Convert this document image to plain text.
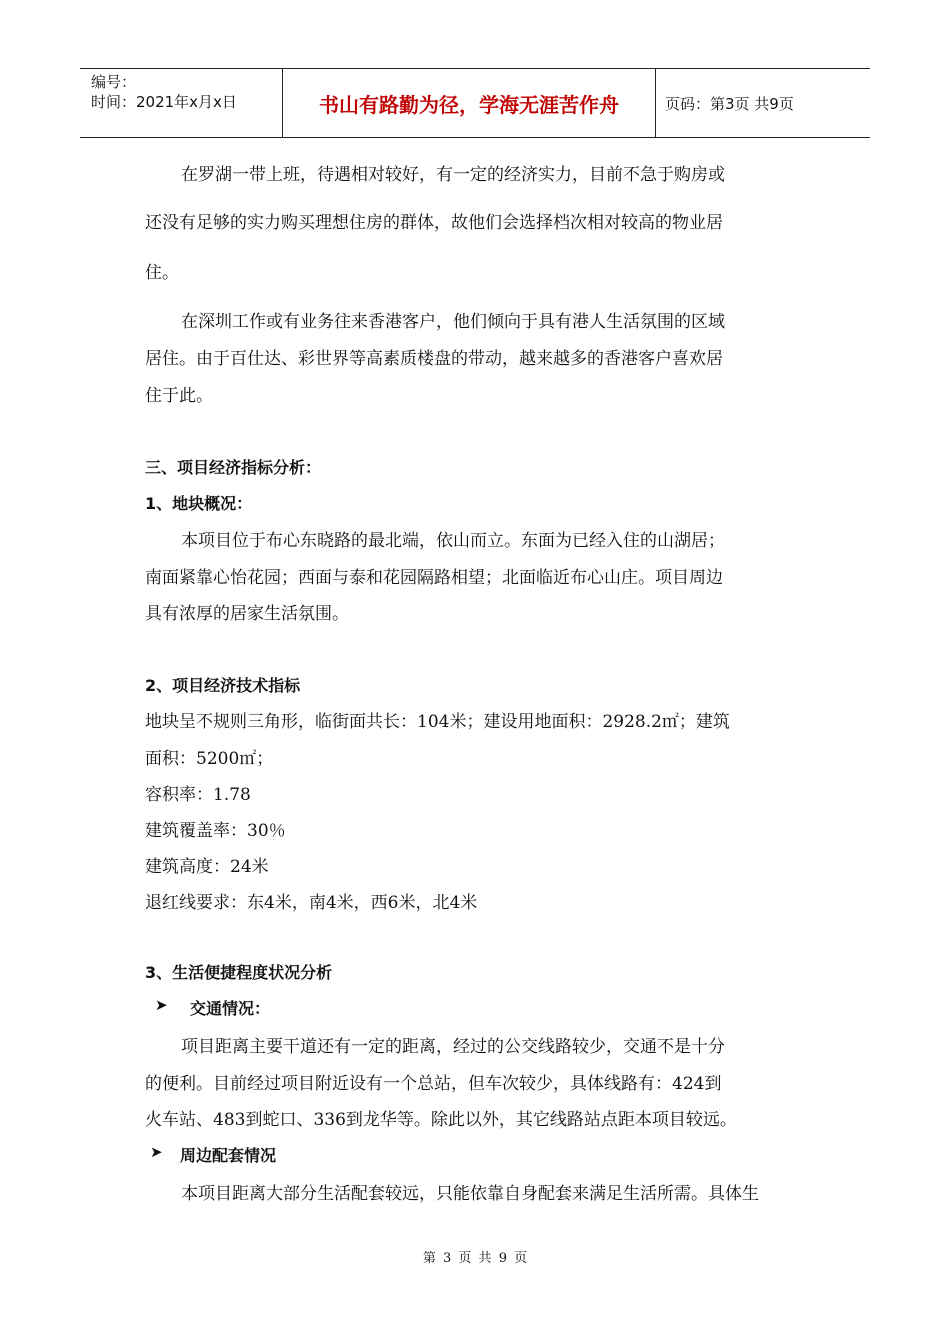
编号：
时间：2021年x月x日	书山有路勤为径，学海无涯苦作舟	页码：第3页 共9页
在罗湖一带上班，待遇相对较好，有一定的经济实力，目前不急于购房或
还没有足够的实力购买理想住房的群体，故他们会选择档次相对较高的物业居
住。
在深圳工作或有业务往来香港客户，他们倾向于具有港人生活氛围的区域
居住。由于百仕达、彩世界等高素质楼盘的带动，越来越多的香港客户喜欢居
住于此。
三、项目经济指标分析：
1、地块概况：
本项目位于布心东晓路的最北端，依山而立。东面为已经入住的山湖居；
南面紧靠心怡花园；西面与泰和花园隔路相望；北面临近布心山庄。项目周边
具有浓厚的居家生活氛围。
2、项目经济技术指标
地块呈不规则三角形，临街面共长：104米；建设用地面积：2928.2㎡；建筑
面积：5200㎡；
容积率：1.78
建筑覆盖率：30％
建筑高度：24米
退红线要求：东4米，南4米，西6米，北4米
3、生活便捷程度状况分析
➤ 交通情况：
项目距离主要干道还有一定的距离，经过的公交线路较少，交通不是十分
的便利。目前经过项目附近设有一个总站，但车次较少，具体线路有：424到
火车站、483到蛇口、336到龙华等。除此以外，其它线路站点距本项目较远。
➤ 周边配套情况
本项目距离大部分生活配套较远，只能依靠自身配套来满足生活所需。具体生
第 3 页 共 9 页
